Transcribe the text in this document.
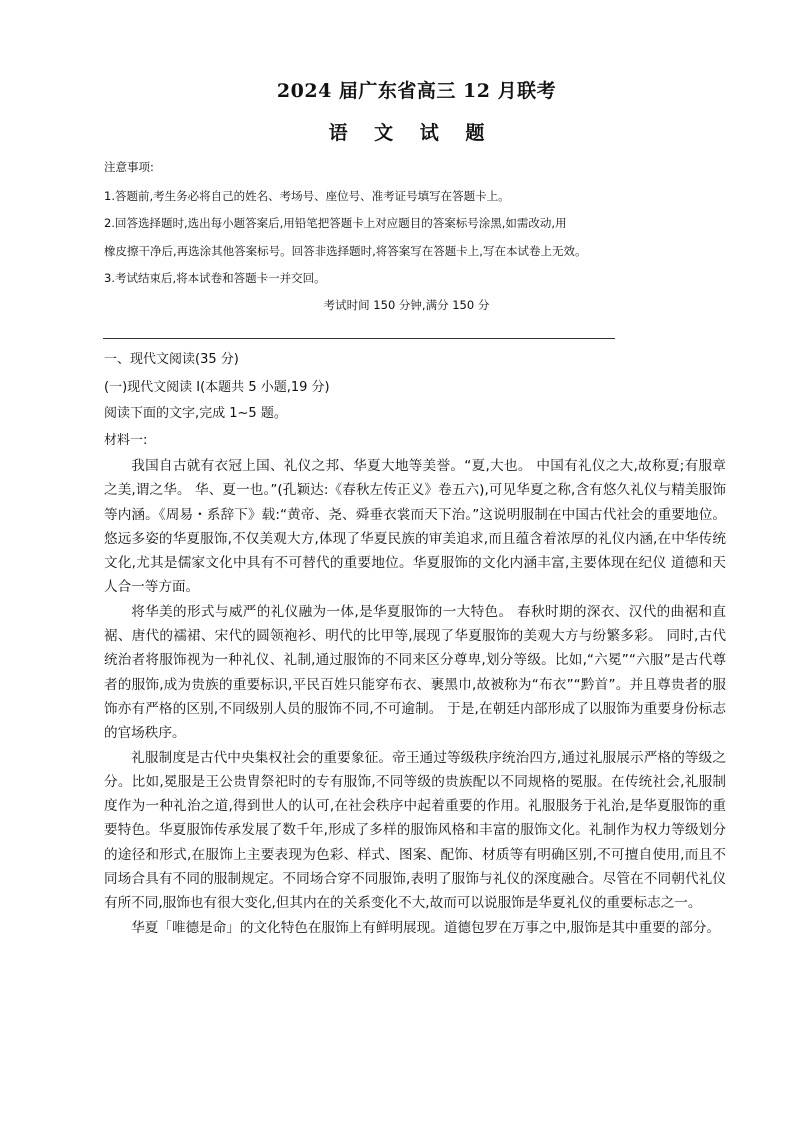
2024 届广东省高三 12 月联考
语 文 试 题
注意事项:
1.答题前,考生务必将自己的姓名、考场号、座位号、准考证号填写在答题卡上。
2.回答选择题时,选出每小题答案后,用铅笔把答题卡上对应题目的答案标号涂黑,如需改动,用
橡皮擦干净后,再选涂其他答案标号。回答非选择题时,将答案写在答题卡上,写在本试卷上无效。
3.考试结束后,将本试卷和答题卡一并交回。
考试时间 150 分钟,满分 150 分
一、现代文阅读(35 分)
(一)现代文阅读 Ⅰ(本题共 5 小题,19 分)
阅读下面的文字,完成 1~5 题。
材料一:

我国自古就有衣冠上国、礼仪之邦、华夏大地等美誉。“夏,大也。 中国有礼仪之大,故称夏;有服章之美,谓之华。 华、夏一也。”(孔颖达:《春秋左传正义》卷五六),可见华夏之称,含有悠久礼仪与精美服饰等内涵。《周易・系辞下》载:“黄帝、尧、舜垂衣裳而天下治。”这说明服制在中国古代社会的重要地位。悠远多姿的华夏服饰,不仅美观大方,体现了华夏民族的审美追求,而且蕴含着浓厚的礼仪内涵,在中华传统文化,尤其是儒家文化中具有不可替代的重要地位。华夏服饰的文化内涵丰富,主要体现在纪仪 道德和天人合一等方面。

将华美的形式与威严的礼仪融为一体,是华夏服饰的一大特色。 春秋时期的深衣、汉代的曲裾和直裾、唐代的襦裙、宋代的圆领袍衫、明代的比甲等,展现了华夏服饰的美观大方与纷繁多彩。 同时,古代统治者将服饰视为一种礼仪、礼制,通过服饰的不同来区分尊卑,划分等级。比如,“六冕”“六服”是古代尊者的服饰,成为贵族的重要标识,平民百姓只能穿布衣、裹黑巾,故被称为“布衣”“黔首”。并且尊贵者的服饰亦有严格的区别,不同级别人员的服饰不同,不可逾制。 于是,在朝廷内部形成了以服饰为重要身份标志的官场秩序。

礼服制度是古代中央集权社会的重要象征。帝王通过等级秩序统治四方,通过礼服展示严格的等级之分。比如,冕服是王公贵胄祭祀时的专有服饰,不同等级的贵族配以不同规格的冕服。在传统社会,礼服制度作为一种礼治之道,得到世人的认可,在社会秩序中起着重要的作用。礼服服务于礼治,是华夏服饰的重要特色。华夏服饰传承发展了数千年,形成了多样的服饰风格和丰富的服饰文化。礼制作为权力等级划分的途径和形式,在服饰上主要表现为色彩、样式、图案、配饰、材质等有明确区别,不可擅自使用,而且不同场合具有不同的服制规定。不同场合穿不同服饰,表明了服饰与礼仪的深度融合。尽管在不同朝代礼仪有所不同,服饰也有很大变化,但其内在的关系变化不大,故而可以说服饰是华夏礼仪的重要标志之一。

华夏「唯德是命」的文化特色在服饰上有鲜明展现。道德包罗在万事之中,服饰是其中重要的部分。
